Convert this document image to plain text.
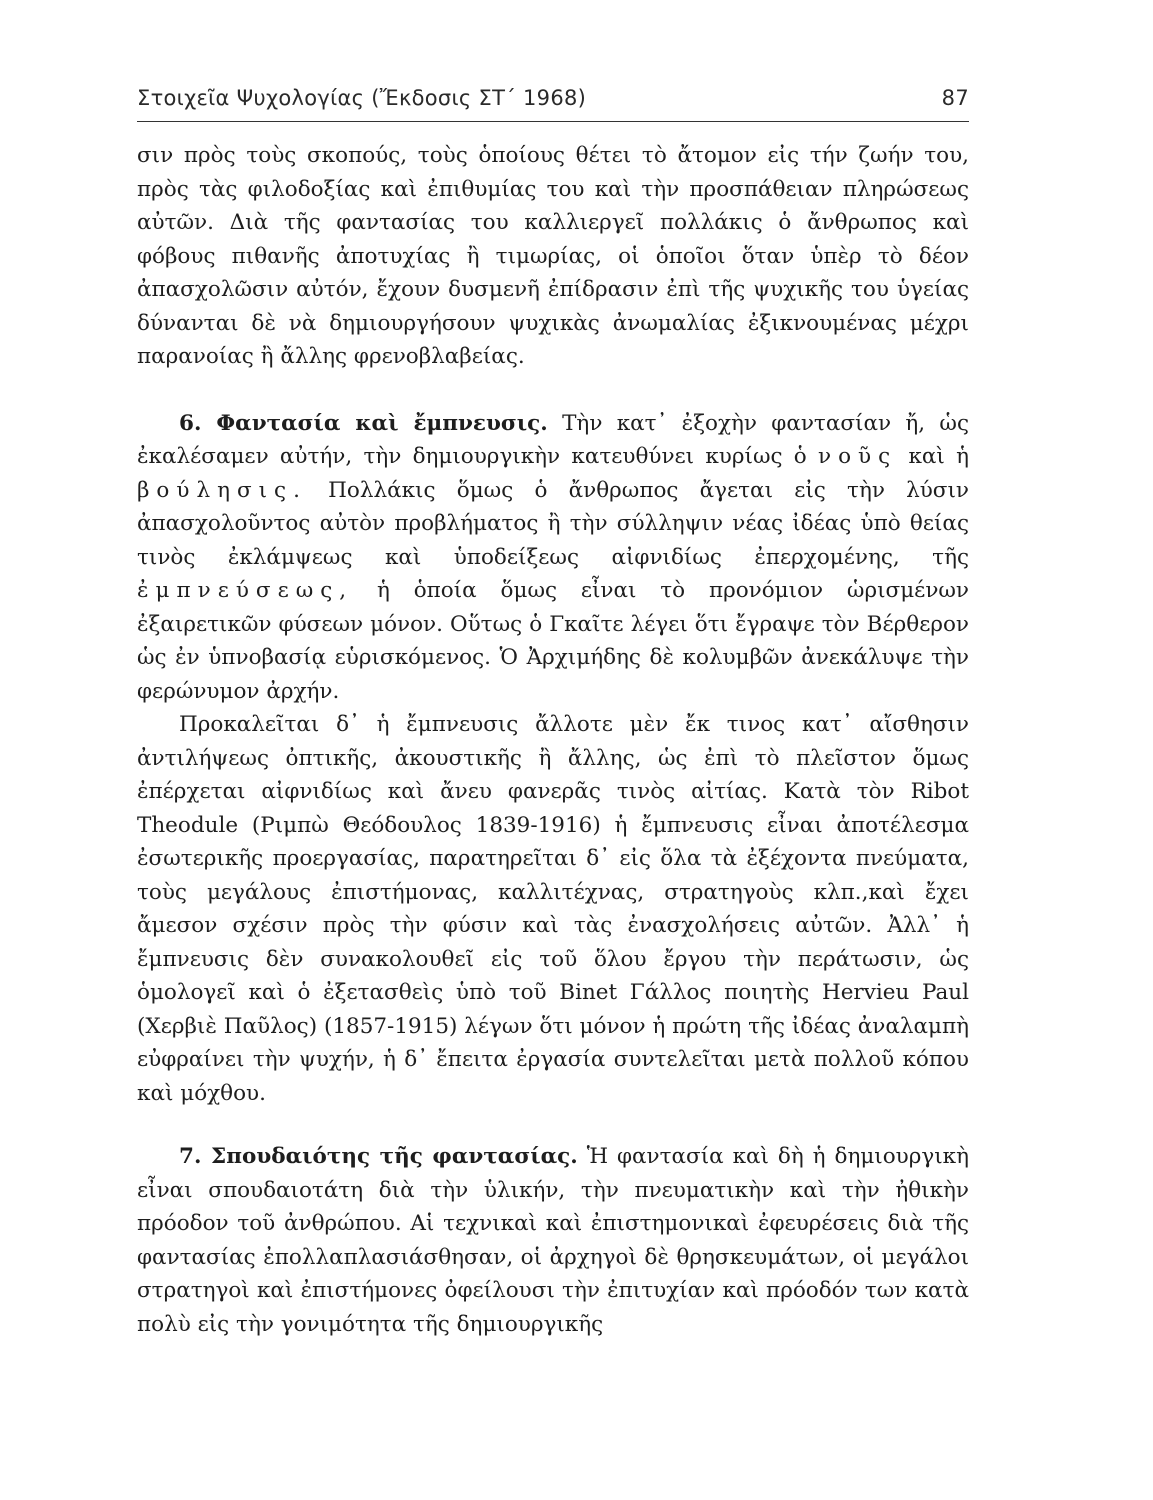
Στοιχεῖα Ψυχολογίας (Ἔκδοσις ΣΤ΄ 1968)	87

σιν πρὸς τοὺς σκοπούς, τοὺς ὁποίους θέτει τὸ ἄτομον εἰς τήν ζωήν του, πρὸς τὰς φιλοδοξίας καὶ ἐπιθυμίας του καὶ τὴν προσπάθειαν πληρώσεως αὐτῶν. Διὰ τῆς φαντασίας του καλλιεργεῖ πολλάκις ὁ ἄνθρωπος καὶ φόβους πιθανῆς ἀποτυχίας ἢ τιμωρίας, οἱ ὁποῖοι ὅταν ὑπὲρ τὸ δέον ἀπασχολῶσιν αὐτόν, ἔχουν δυσμενῆ ἐπίδρασιν ἐπὶ τῆς ψυχικῆς του ὑγείας δύνανται δὲ νὰ δημιουργήσουν ψυχικὰς ἀνωμαλίας ἐξικνουμένας μέχρι παρανοίας ἢ ἄλλης φρενοβλαβείας.

6. Φαντασία καὶ ἔμπνευσις. Τὴν κατ᾽ ἐξοχὴν φαντασίαν ἤ, ὡς ἐκαλέσαμεν αὐτήν, τὴν δημιουργικὴν κατευθύνει κυρίως ὁ νοῦς καὶ ἡ βούλησις. Πολλάκις ὅμως ὁ ἄνθρωπος ἄγεται εἰς τὴν λύσιν ἀπασχολοῦντος αὐτὸν προβλήματος ἢ τὴν σύλληψιν νέας ἰδέας ὑπὸ θείας τινὸς ἐκλάμψεως καὶ ὑποδείξεως αἰφνιδίως ἐπερχομένης, τῆς ἐμπνεύσεως, ἡ ὁποία ὅμως εἶναι τὸ προνόμιον ὡρισμένων ἐξαιρετικῶν φύσεων μόνον. Οὕτως ὁ Γκαῖτε λέγει ὅτι ἔγραψε τὸν Βέρθερον ὡς ἐν ὑπνοβασίᾳ εὑρισκόμενος. Ὁ Ἀρχιμήδης δὲ κολυμβῶν ἀνεκάλυψε τὴν φερώνυμον ἀρχήν.

Προκαλεῖται δ᾽ ἡ ἔμπνευσις ἄλλοτε μὲν ἔκ τινος κατ᾽ αἴσθησιν ἀντιλήψεως ὀπτικῆς, ἀκουστικῆς ἢ ἄλλης, ὡς ἐπὶ τὸ πλεῖστον ὅμως ἐπέρχεται αἰφνιδίως καὶ ἄνευ φανερᾶς τινὸς αἰτίας. Κατὰ τὸν Ribot Theodule (Ριμπὼ Θεόδουλος 1839-1916) ἡ ἔμπνευσις εἶναι ἀποτέλεσμα ἐσωτερικῆς προεργασίας, παρατηρεῖται δ᾽ εἰς ὅλα τὰ ἐξέχοντα πνεύματα, τοὺς μεγάλους ἐπιστήμονας, καλλιτέχνας, στρατηγοὺς κλπ.,καὶ ἔχει ἄμεσον σχέσιν πρὸς τὴν φύσιν καὶ τὰς ἐνασχολήσεις αὐτῶν. Ἀλλ᾽ ἡ ἔμπνευσις δὲν συνακολουθεῖ εἰς τοῦ ὅλου ἔργου τὴν περάτωσιν, ὡς ὁμολογεῖ καὶ ὁ ἐξετασθεὶς ὑπὸ τοῦ Binet Γάλλος ποιητὴς Hervieu Paul (Χερβιὲ Παῦλος) (1857-1915) λέγων ὅτι μόνον ἡ πρώτη τῆς ἰδέας ἀναλαμπὴ εὐφραίνει τὴν ψυχήν, ἡ δ᾽ ἔπειτα ἐργασία συντελεῖται μετὰ πολλοῦ κόπου καὶ μόχθου.

7. Σπουδαιότης τῆς φαντασίας. Ἡ φαντασία καὶ δὴ ἡ δημιουργικὴ εἶναι σπουδαιοτάτη διὰ τὴν ὑλικήν, τὴν πνευματικὴν καὶ τὴν ἠθικὴν πρόοδον τοῦ ἀνθρώπου. Αἱ τεχνικαὶ καὶ ἐπιστημονικαὶ ἐφευρέσεις διὰ τῆς φαντασίας ἐπολλαπλασιάσθησαν, οἱ ἀρχηγοὶ δὲ θρησκευμάτων, οἱ μεγάλοι στρατηγοὶ καὶ ἐπιστήμονες ὀφείλουσι τὴν ἐπιτυχίαν καὶ πρόοδόν των κατὰ πολὺ εἰς τὴν γονιμότητα τῆς δημιουργικῆς
